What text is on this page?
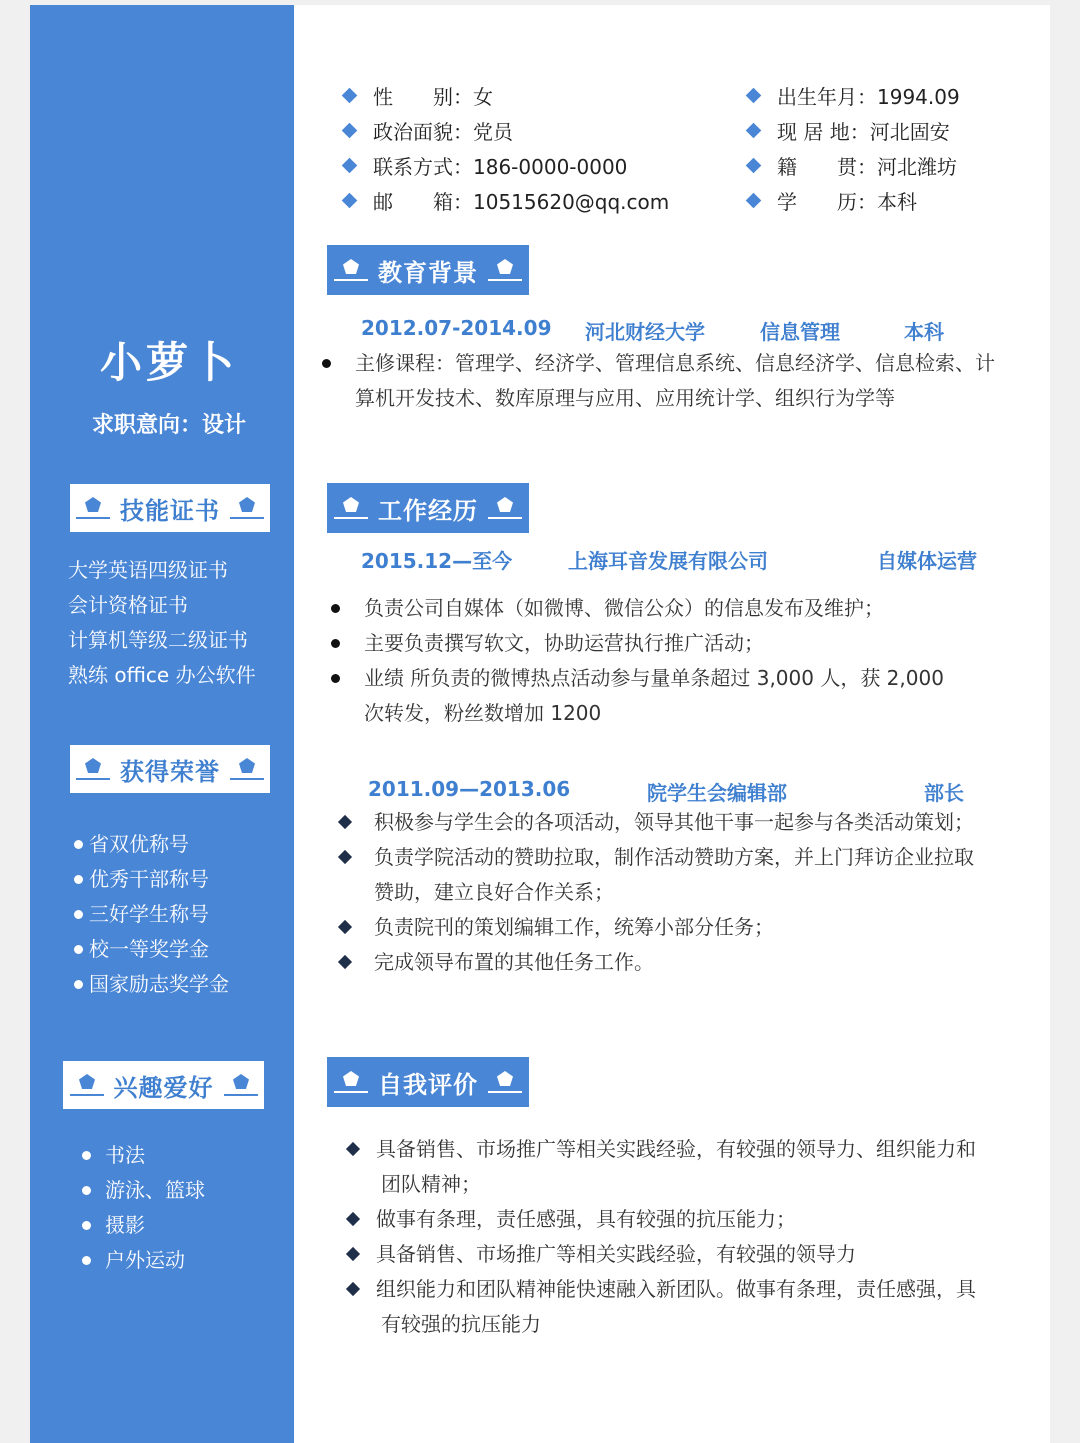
小萝卜
求职意向：设计
技能证书
大学英语四级证书
会计资格证书
计算机等级二级证书
熟练 office 办公软件
获得荣誉
省双优称号
优秀干部称号
三好学生称号
校一等奖学金
国家励志奖学金
兴趣爱好
书法
游泳、篮球
摄影
户外运动
性　　别：女
政治面貌：党员
联系方式：186-0000-0000
邮　　箱：10515620@qq.com
出生年月：1994.09
现 居 地：河北固安
籍　　贯：河北潍坊
学　　历：本科
教育背景
2012.07-2014.09 河北财经大学	信息管理	本科
主修课程：管理学、经济学、管理信息系统、信息经济学、信息检索、计
算机开发技术、数库原理与应用、应用统计学、组织行为学等
工作经历
2015.12—至今	上海耳音发展有限公司	自媒体运营
负责公司自媒体（如微博、微信公众）的信息发布及维护；
主要负责撰写软文，协助运营执行推广活动；
业绩 所负责的微博热点活动参与量单条超过 3,000 人，获 2,000
次转发，粉丝数增加 1200
2011.09—2013.06	院学生会编辑部	部长
积极参与学生会的各项活动，领导其他干事一起参与各类活动策划；
负责学院活动的赞助拉取，制作活动赞助方案，并上门拜访企业拉取
赞助，建立良好合作关系；
负责院刊的策划编辑工作，统筹小部分任务；
完成领导布置的其他任务工作。
自我评价
具备销售、市场推广等相关实践经验，有较强的领导力、组织能力和
团队精神；
做事有条理，责任感强，具有较强的抗压能力；
具备销售、市场推广等相关实践经验，有较强的领导力
组织能力和团队精神能快速融入新团队。做事有条理，责任感强，具
有较强的抗压能力
